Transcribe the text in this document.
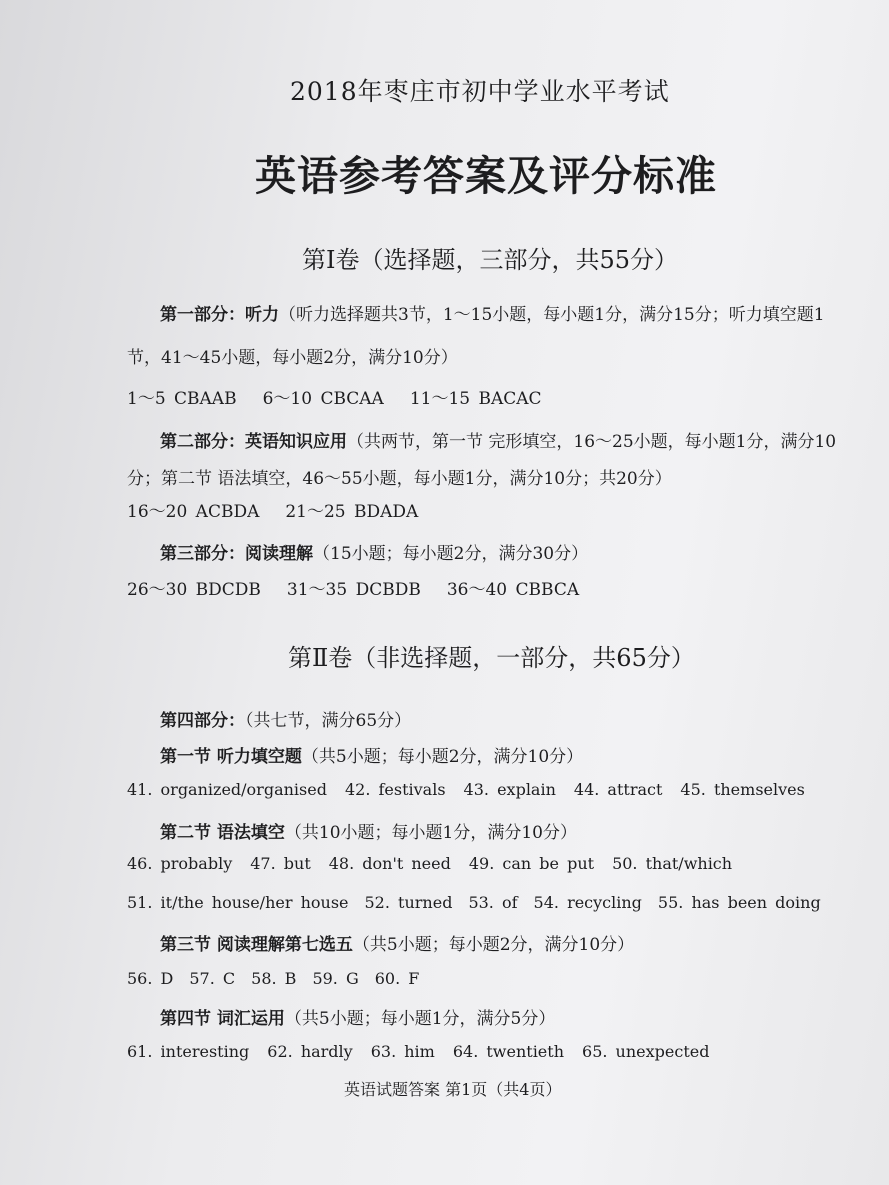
2018年枣庄市初中学业水平考试
英语参考答案及评分标准
第Ⅰ卷（选择题，三部分，共55分）
第一部分：听力（听力选择题共3节，1～15小题，每小题1分，满分15分；听力填空题1
节，41～45小题，每小题2分，满分10分）
1～5 CBAAB 6～10 CBCAA 11～15 BACAC
第二部分：英语知识应用（共两节，第一节 完形填空，16～25小题，每小题1分，满分10
分；第二节 语法填空，46～55小题，每小题1分，满分10分；共20分）
16～20 ACBDA 21～25 BDADA
第三部分：阅读理解（15小题；每小题2分，满分30分）
26～30 BDCDB 31～35 DCBDB 36～40 CBBCA
第Ⅱ卷（非选择题，一部分，共65分）
第四部分：（共七节，满分65分）
第一节 听力填空题（共5小题；每小题2分，满分10分）
41. organized/organised 42. festivals 43. explain 44. attract 45. themselves
第二节 语法填空（共10小题；每小题1分，满分10分）
46. probably 47. but 48. don't need 49. can be put 50. that/which
51. it/the house/her house 52. turned 53. of 54. recycling 55. has been doing
第三节 阅读理解第七选五（共5小题；每小题2分，满分10分）
56. D 57. C 58. B 59. G 60. F
第四节 词汇运用（共5小题；每小题1分，满分5分）
61. interesting 62. hardly 63. him 64. twentieth 65. unexpected
英语试题答案 第1页（共4页）
